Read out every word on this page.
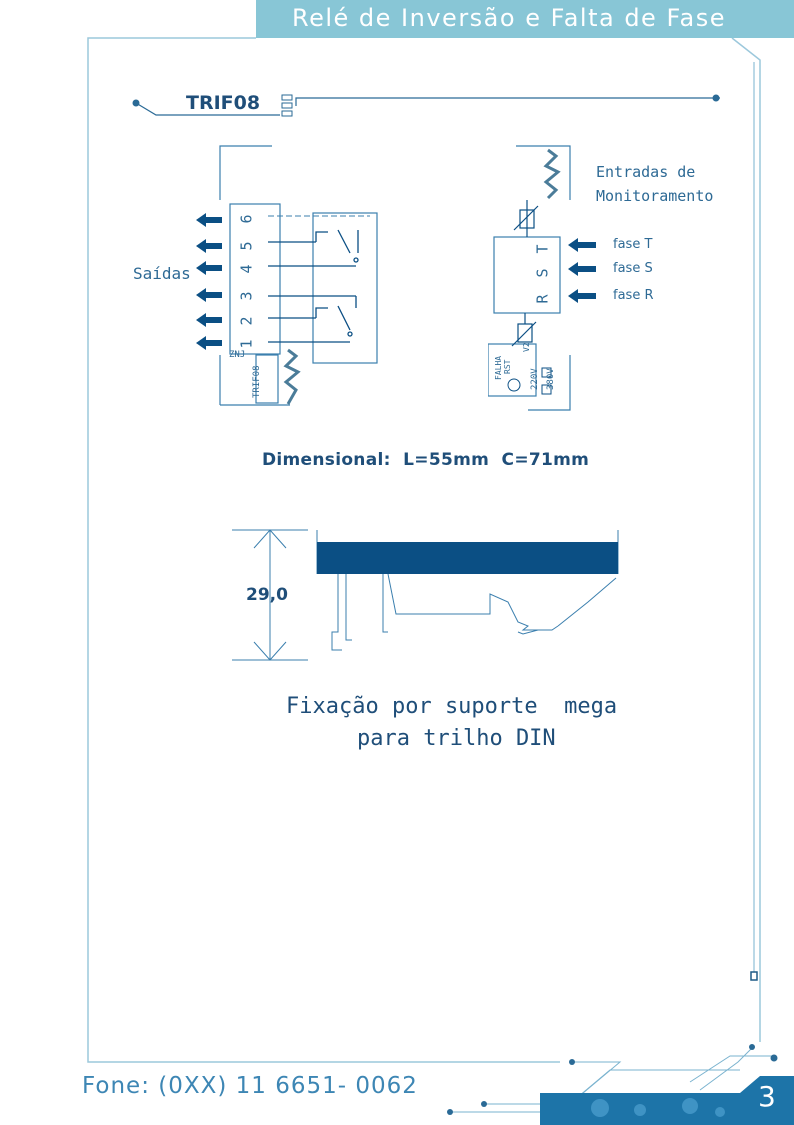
Relé de Inversão e Falta de Fase
TRIF08
Saídas
6
5
4
3
2
1
ZNJ
TRIF08
Entradas de
Monitoramento
T
S
R
fase T
fase S
fase R
FALHA RST
V2
220V 380V
Dimensional:  L=55mm  C=71mm
29,0
Fixação por suporte  mega
para trilho DIN
Fone: (0XX) 11 6651- 0062	3
